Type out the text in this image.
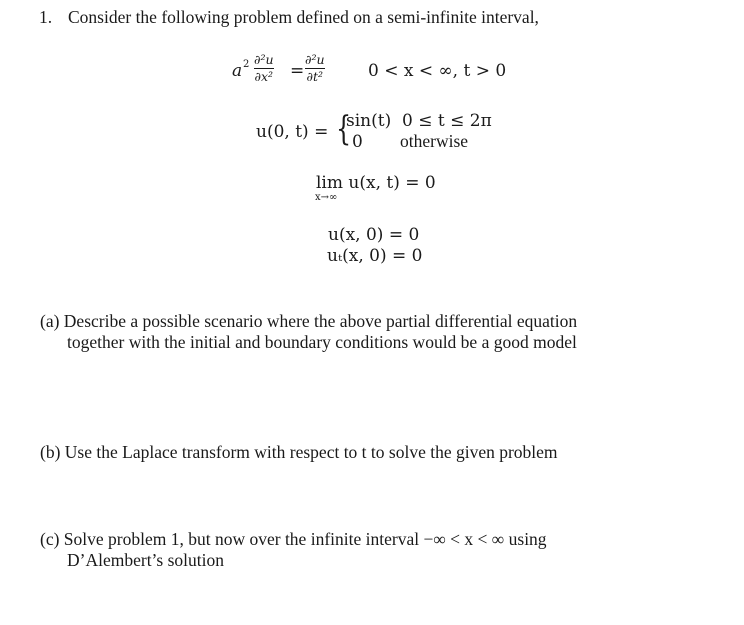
1. Consider the following problem defined on a semi-infinite interval,
a 2 ∂²u
∂x² =
∂²u
∂t²	0 < x < ∞, t > 0
u(0, t) = {
sin(t) 0 ≤ t ≤ 2π
0 otherwise
lim u(x, t) = 0
x→∞
u(x, 0) = 0
uₜ(x, 0) = 0
(a) Describe a possible scenario where the above partial differential equation
together with the initial and boundary conditions would be a good model
(b) Use the Laplace transform with respect to t to solve the given problem
(c) Solve problem 1, but now over the infinite interval −∞ < x < ∞ using
D’Alembert’s solution
